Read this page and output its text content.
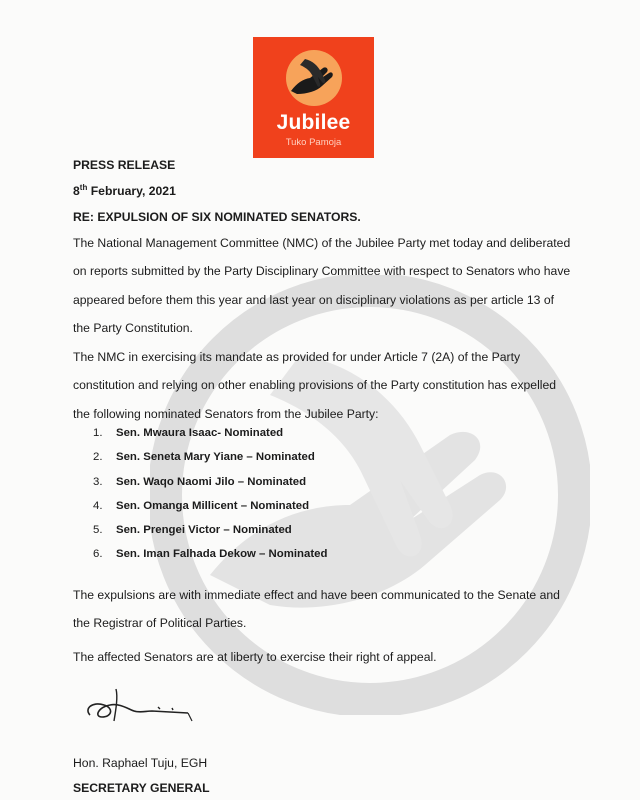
Jubilee
Tuko Pamoja
PRESS RELEASE
8th February, 2021
RE: EXPULSION OF SIX NOMINATED SENATORS.
The National Management Committee (NMC) of the Jubilee Party met today and deliberated on reports submitted by the Party Disciplinary Committee with respect to Senators who have appeared before them this year and last year on disciplinary violations as per article 13 of the Party Constitution.
The NMC in exercising its mandate as provided for under Article 7 (2A) of the Party constitution and relying on other enabling provisions of the Party constitution has expelled the following nominated Senators from the Jubilee Party:
1. Sen. Mwaura Isaac- Nominated
2. Sen. Seneta Mary Yiane – Nominated
3. Sen. Waqo Naomi Jilo – Nominated
4. Sen. Omanga Millicent – Nominated
5. Sen. Prengei Victor – Nominated
6. Sen. Iman Falhada Dekow – Nominated
The expulsions are with immediate effect and have been communicated to the Senate and the Registrar of Political Parties.
The affected Senators are at liberty to exercise their right of appeal.
Hon. Raphael Tuju, EGH
SECRETARY GENERAL
